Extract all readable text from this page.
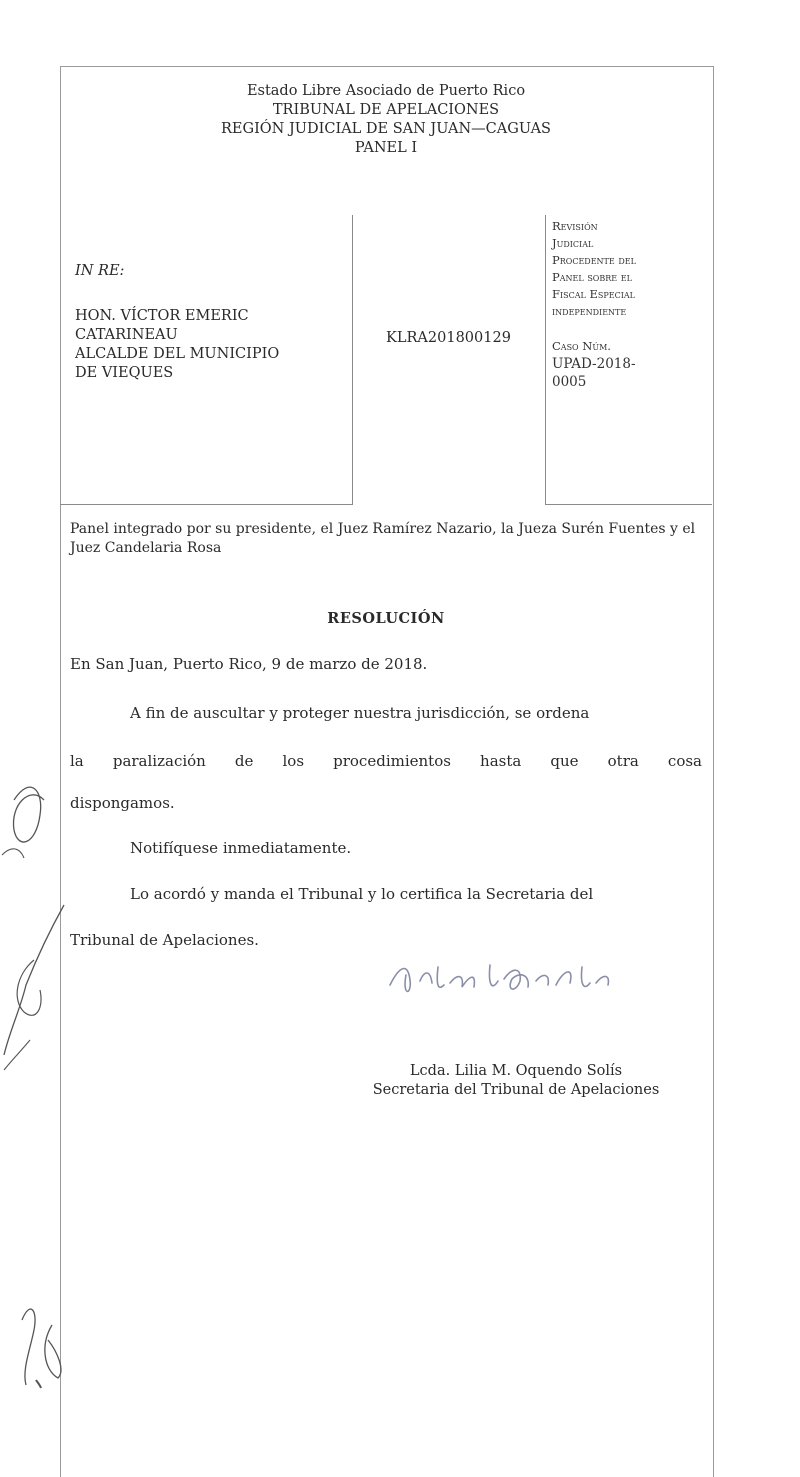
Estado Libre Asociado de Puerto Rico
TRIBUNAL DE APELACIONES
REGIÓN JUDICIAL DE SAN JUAN—CAGUAS
PANEL I
IN RE:
HON. VÍCTOR EMERIC
CATARINEAU
ALCALDE DEL MUNICIPIO
DE VIEQUES
KLRA201800129
Revisión
Judicial
Procedente del
Panel sobre el
Fiscal Especial
independiente
Caso Núm.
UPAD-2018-
0005
Panel integrado por su presidente, el Juez Ramírez Nazario, la Jueza Surén Fuentes y el Juez Candelaria Rosa
RESOLUCIÓN
En San Juan, Puerto Rico, 9 de marzo de 2018.
A fin de auscultar y proteger nuestra jurisdicción, se ordena
la paralización de los procedimientos hasta que otra cosa
dispongamos.
Notifíquese inmediatamente.
Lo acordó y manda el Tribunal y lo certifica la Secretaria del
Tribunal de Apelaciones.
Lcda. Lilia M. Oquendo Solís
Secretaria del Tribunal de Apelaciones
